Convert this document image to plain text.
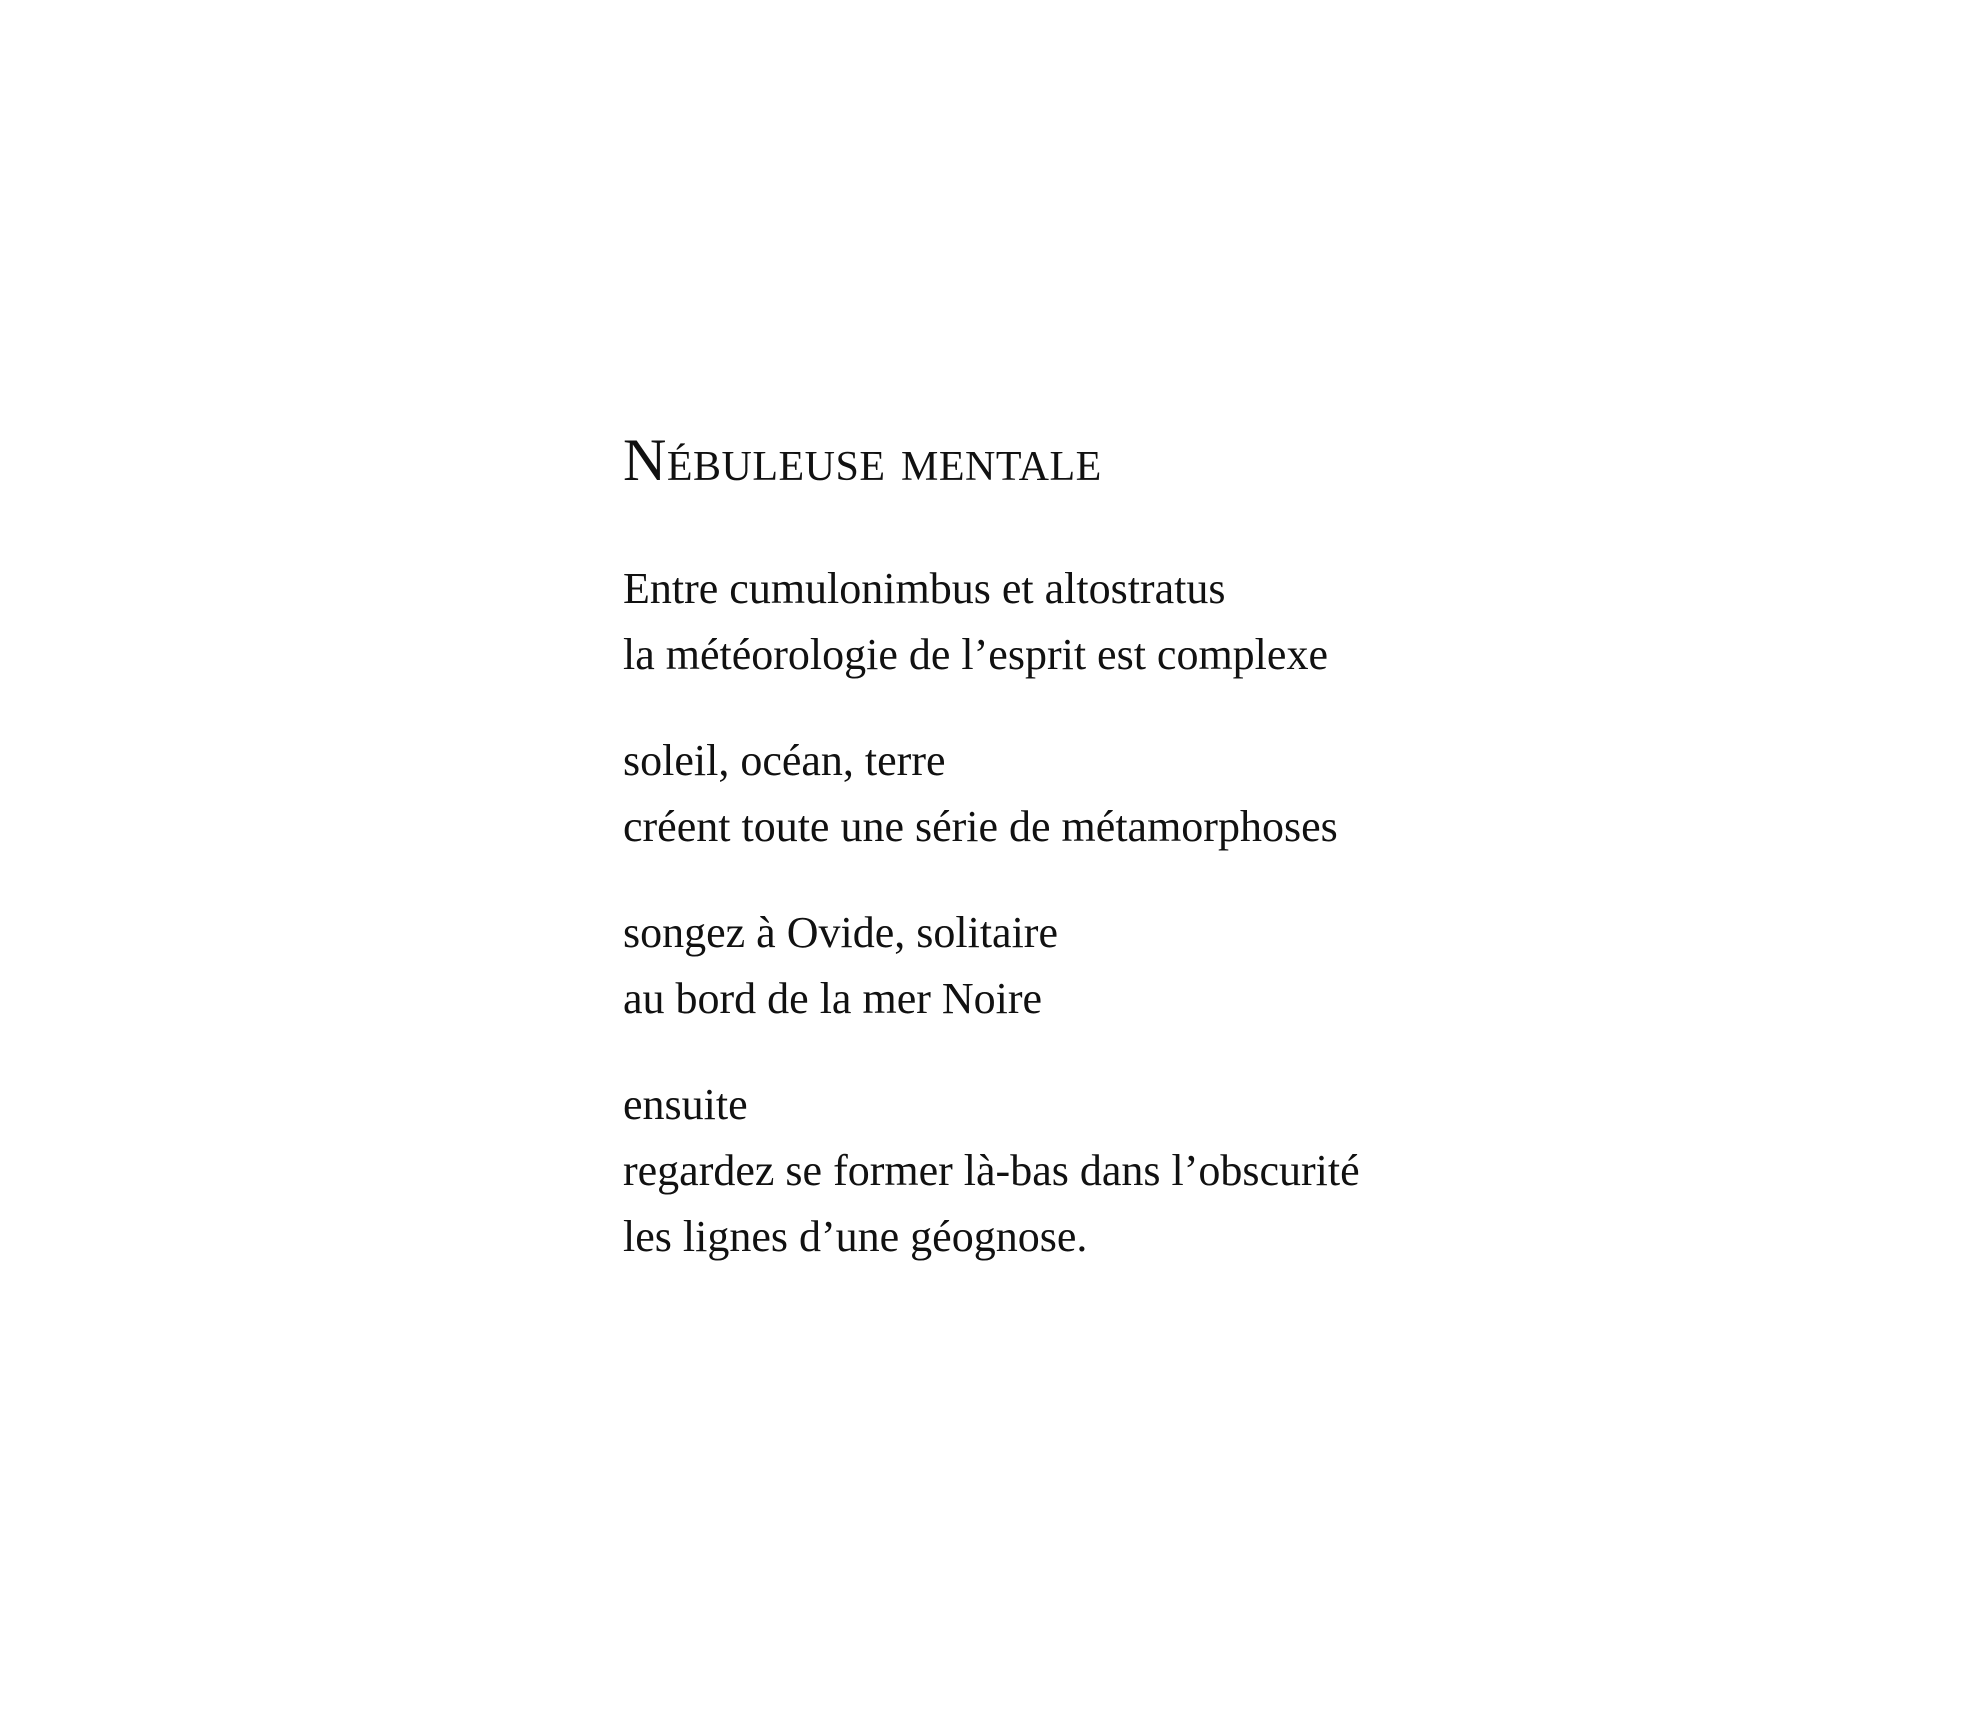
Nébuleuse mentale

Entre cumulonimbus et altostratus
la météorologie de l’esprit est complexe

soleil, océan, terre
créent toute une série de métamorphoses

songez à Ovide, solitaire
au bord de la mer Noire

ensuite
regardez se former là-bas dans l’obscurité
les lignes d’une géognose.
